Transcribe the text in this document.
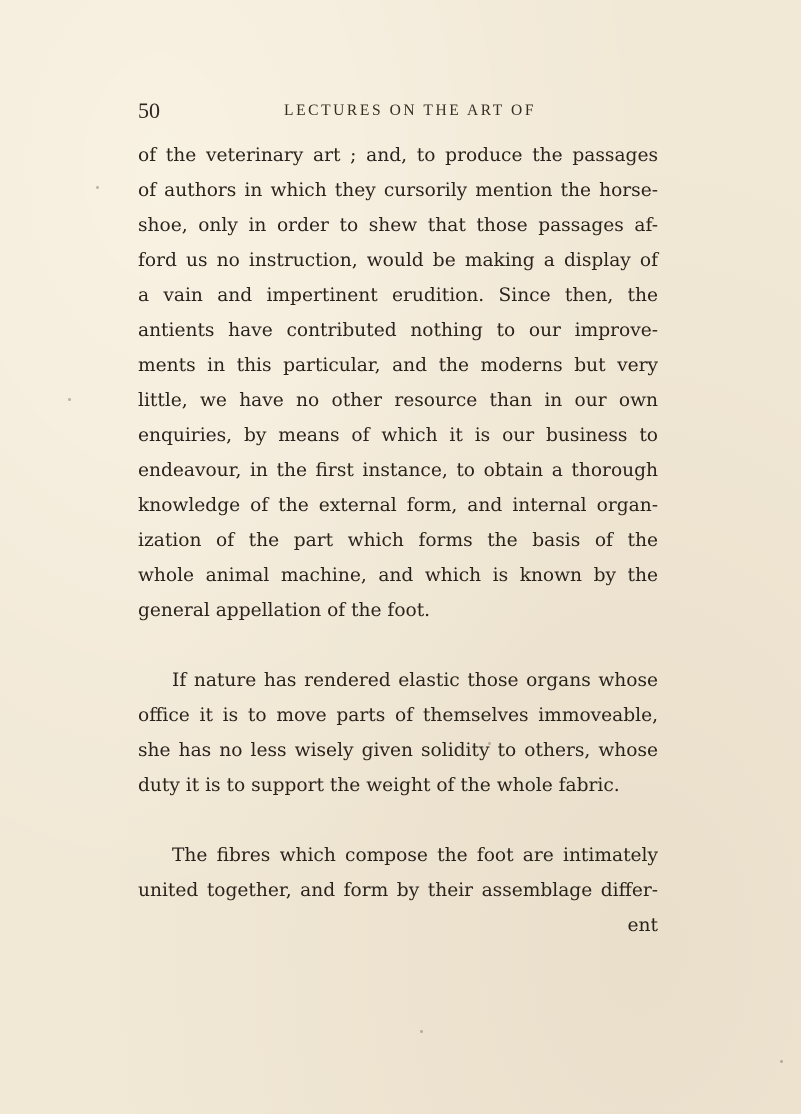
50	LECTURES ON THE ART OF
of the veterinary art ; and, to produce the passages
of authors in which they cursorily mention the horse-
shoe, only in order to shew that those passages af-
ford us no instruction, would be making a display of
a vain and impertinent erudition. Since then, the
antients have contributed nothing to our improve-
ments in this particular, and the moderns but very
little, we have no other resource than in our own
enquiries, by means of which it is our business to
endeavour, in the first instance, to obtain a thorough
knowledge of the external form, and internal organ-
ization of the part which forms the basis of the
whole animal machine, and which is known by the
general appellation of the foot.
If nature has rendered elastic those organs whose
office it is to move parts of themselves immoveable,
she has no less wisely given solidity to others, whose
duty it is to support the weight of the whole fabric.
The fibres which compose the foot are intimately
united together, and form by their assemblage differ-
ent
